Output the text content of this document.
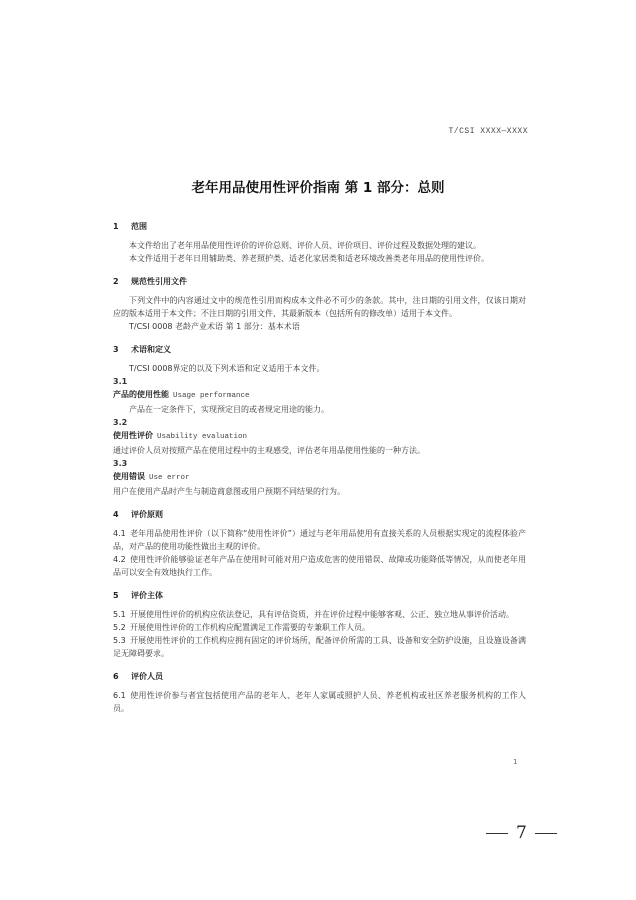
T/CSI XXXX—XXXX
老年用品使用性评价指南 第 1 部分：总则
1 范围

本文件给出了老年用品使用性评价的评价总则、评价人员、评价项目、评价过程及数据处理的建议。

本文件适用于老年日用辅助类、养老照护类、适老化家居类和适老环境改善类老年用品的使用性评价。

2 规范性引用文件

下列文件中的内容通过文中的规范性引用而构成本文件必不可少的条款。其中，注日期的引用文件，仅该日期对应的版本适用于本文件；不注日期的引用文件，其最新版本（包括所有的修改单）适用于本文件。

T/CSI 0008 老龄产业术语 第 1 部分：基本术语

3 术语和定义

T/CSI 0008界定的以及下列术语和定义适用于本文件。

3.1
产品的使用性能 Usage performance
产品在一定条件下，实现预定目的或者规定用途的能力。
3.2
使用性评价 Usability evaluation
通过评价人员对按照产品在使用过程中的主观感受，评估老年用品使用性能的一种方法。
3.3
使用错误 Use error
用户在使用产品时产生与制造商意图或用户预期不同结果的行为。
4 评价原则

4.1 老年用品使用性评价（以下简称“使用性评价”）通过与老年用品使用有直接关系的人员根据实现定的流程体验产品，对产品的使用功能性做出主观的评价。

4.2 使用性评价能够验证老年产品在使用时可能对用户造成危害的使用错误、故障或功能降低等情况，从而使老年用品可以安全有效地执行工作。

5 评价主体

5.1 开展使用性评价的机构应依法登记，具有评估资质，并在评价过程中能够客观、公正、独立地从事评价活动。

5.2 开展使用性评价的工作机构应配置满足工作需要的专兼职工作人员。

5.3 开展使用性评价的工作机构应拥有固定的评价场所，配备评价所需的工具、设备和安全防护设施，且设施设备满足无障碍要求。

6 评价人员

6.1 使用性评价参与者宜包括使用产品的老年人、老年人家属或照护人员、养老机构或社区养老服务机构的工作人员。

1
7
